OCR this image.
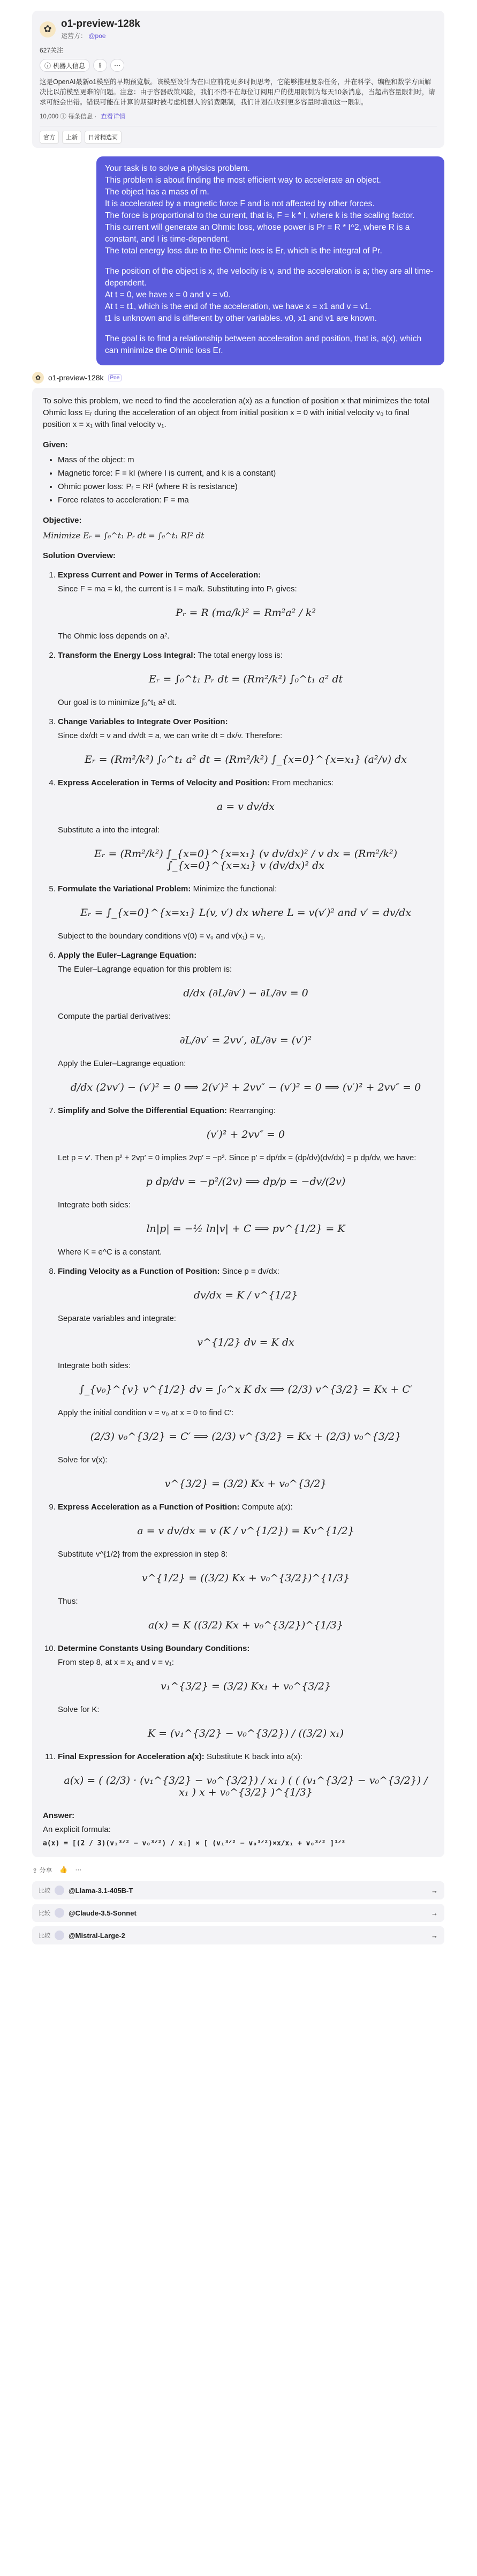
✿ o1-preview-128k
运营方： @poe
627关注
ⓘ 机器人信息 ⇪ ⋯
这是OpenAI最新o1模型的早期预览版。该模型设计为在回应前花更多时间思考，它能够推理复杂任务，并在科学、编程和数学方面解决比以前模型更难的问题。注意：由于容器政策风险，我们不得不在每位订阅用户的使用限制为每天10条消息，当超出容量限制时，请求可能会出错。错误可能在计算的期望时被考虑机器人的消费限制，我们计划在收到更多容量时增加这一限制。
10,000 ⓘ 每条信息 · 查看详情
官方	上新	日常精选词

Your task is to solve a physics problem.
This problem is about finding the most efficient way to accelerate an object.
The object has a mass of m.
It is accelerated by a magnetic force F and is not affected by other forces.
The force is proportional to the current, that is, F = k * I, where k is the scaling factor.
This current will generate an Ohmic loss, whose power is Pr = R * I^2, where R is a constant, and I is time-dependent.
The total energy loss due to the Ohmic loss is Er, which is the integral of Pr.

The position of the object is x, the velocity is v, and the acceleration is a; they are all time-dependent.
At t = 0, we have x = 0 and v = v0.
At t = t1, which is the end of the acceleration, we have x = x1 and v = v1.
t1 is unknown and is different by other variables. v0, x1 and v1 are known.

The goal is to find a relationship between acceleration and position, that is, a(x), which can minimize the Ohmic loss Er.

✿ o1-preview-128k	Poe
To solve this problem, we need to find the acceleration a(x) as a function of position x that minimizes the total Ohmic loss Eᵣ during the acceleration of an object from initial position x = 0 with initial velocity v₀ to final position x = x₁ with final velocity v₁.
Given:
• Mass of the object: m
• Magnetic force: F = kI (where I is current, and k is a constant)
• Ohmic power loss: Pᵣ = RI² (where R is resistance)
• Force relates to acceleration: F = ma
Objective:
Minimize Eᵣ = ∫₀^t₁ Pᵣ dt = ∫₀^t₁ RI² dt
Solution Overview:
1. Express Current and Power in Terms of Acceleration:
Since F = ma = kI, the current is I = ma/k. Substituting into Pᵣ gives:
Pᵣ = R (ma/k)² = Rm²a² / k²
The Ohmic loss depends on a².
2. Transform the Energy Loss Integral: The total energy loss is:
Eᵣ = ∫₀^t₁ Pᵣ dt = (Rm²/k²) ∫₀^t₁ a² dt
Our goal is to minimize ∫₀^t₁ a² dt.
3. Change Variables to Integrate Over Position:
Since dx/dt = v and dv/dt = a, we can write dt = dx/v. Therefore:
Eᵣ = (Rm²/k²) ∫₀^t₁ a² dt = (Rm²/k²) ∫_{x=0}^{x=x₁} (a²/v) dx
4. Express Acceleration in Terms of Velocity and Position: From mechanics:
a = v dv/dx
Substitute a into the integral:
Eᵣ = (Rm²/k²) ∫_{x=0}^{x=x₁} (v dv/dx)² / v dx = (Rm²/k²) ∫_{x=0}^{x=x₁} v (dv/dx)² dx
5. Formulate the Variational Problem: Minimize the functional:
Eᵣ = ∫_{x=0}^{x=x₁} L(v, v′) dx where L = v(v′)² and v′ = dv/dx
Subject to the boundary conditions v(0) = v₀ and v(x₁) = v₁.
6. Apply the Euler–Lagrange Equation:
The Euler–Lagrange equation for this problem is:
d/dx (∂L/∂v′) − ∂L/∂v = 0
Compute the partial derivatives:
∂L/∂v′ = 2vv′, ∂L/∂v = (v′)²
Apply the Euler–Lagrange equation:
d/dx (2vv′) − (v′)² = 0 ⟹ 2(v′)² + 2vv″ − (v′)² = 0 ⟹ (v′)² + 2vv″ = 0
7. Simplify and Solve the Differential Equation: Rearranging:
(v′)² + 2vv″ = 0
Let p = v′. Then p² + 2vp′ = 0 implies 2vp′ = −p². Since p′ = dp/dx = (dp/dv)(dv/dx) = p dp/dv, we have:
p dp/dv = −p²/(2v) ⟹ dp/p = −dv/(2v)
Integrate both sides:
ln|p| = −½ ln|v| + C ⟹ pv^{1/2} = K
Where K = e^C is a constant.
8. Finding Velocity as a Function of Position: Since p = dv/dx:
dv/dx = K / v^{1/2}
Separate variables and integrate:
v^{1/2} dv = K dx
Integrate both sides:
∫_{v₀}^{v} v^{1/2} dv = ∫₀^x K dx ⟹ (2/3) v^{3/2} = Kx + C′
Apply the initial condition v = v₀ at x = 0 to find C′:
(2/3) v₀^{3/2} = C′ ⟹ (2/3) v^{3/2} = Kx + (2/3) v₀^{3/2}
Solve for v(x):
v^{3/2} = (3/2) Kx + v₀^{3/2}
9. Express Acceleration as a Function of Position: Compute a(x):
a = v dv/dx = v (K / v^{1/2}) = Kv^{1/2}
Substitute v^{1/2} from the expression in step 8:
v^{1/2} = ((3/2) Kx + v₀^{3/2})^{1/3}
Thus:
a(x) = K ((3/2) Kx + v₀^{3/2})^{1/3}
10. Determine Constants Using Boundary Conditions:
From step 8, at x = x₁ and v = v₁:
v₁^{3/2} = (3/2) Kx₁ + v₀^{3/2}
Solve for K:
K = (v₁^{3/2} − v₀^{3/2}) / ((3/2) x₁)
11. Final Expression for Acceleration a(x): Substitute K back into a(x):
a(x) = ( (2/3) · (v₁^{3/2} − v₀^{3/2}) / x₁ ) ( ( (v₁^{3/2} − v₀^{3/2}) / x₁ ) x + v₀^{3/2} )^{1/3}
Answer:
An explicit formula:
a(x) = [(2 / 3)(v₁³ᐟ² − v₀³ᐟ²) / x₁] × [ (v₁³ᐟ² − v₀³ᐟ²)×x/x₁ + v₀³ᐟ² ]¹ᐟ³
⇪ 分享 👍 ···
比较	@Llama-3.1-405B-T	→
比较	@Claude-3.5-Sonnet	→
比较	@Mistral-Large-2	→
